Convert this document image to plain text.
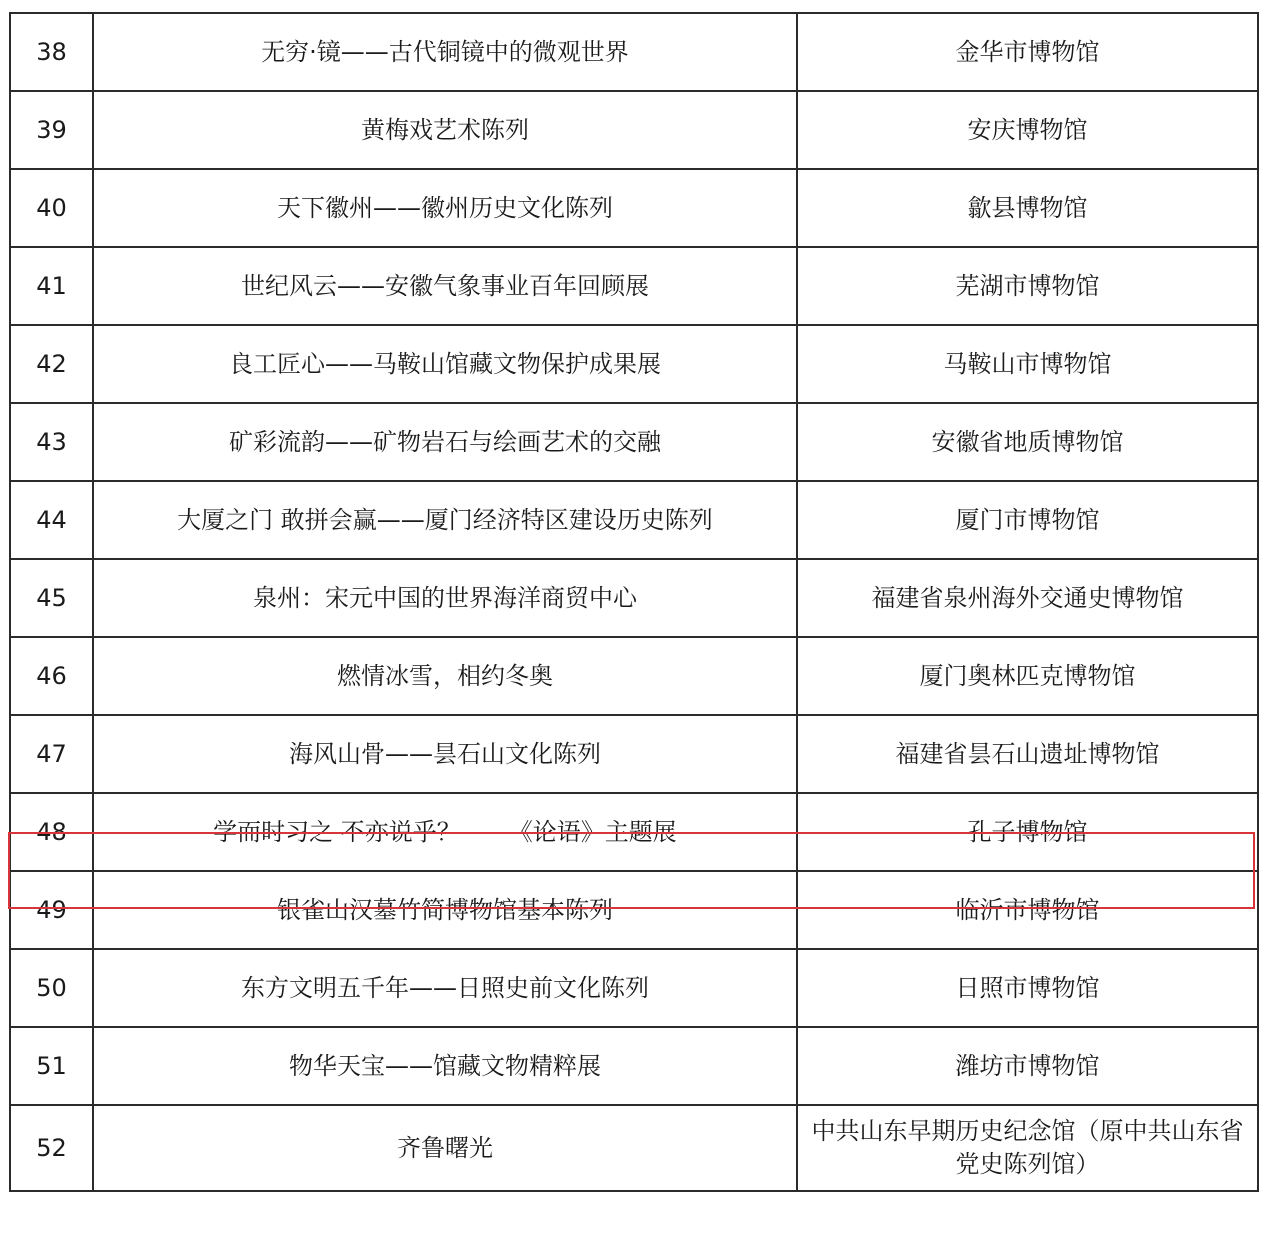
38	无穷·镜——古代铜镜中的微观世界	金华市博物馆
39	黄梅戏艺术陈列	安庆博物馆
40	天下徽州——徽州历史文化陈列	歙县博物馆
41	世纪风云——安徽气象事业百年回顾展	芜湖市博物馆
42	良工匠心——马鞍山馆藏文物保护成果展	马鞍山市博物馆
43	矿彩流韵——矿物岩石与绘画艺术的交融	安徽省地质博物馆
44	大厦之门 敢拼会赢——厦门经济特区建设历史陈列	厦门市博物馆
45	泉州：宋元中国的世界海洋商贸中心	福建省泉州海外交通史博物馆
46	燃情冰雪，相约冬奥	厦门奥林匹克博物馆
47	海风山骨——昙石山文化陈列	福建省昙石山遗址博物馆
48	学而时习之 不亦说乎？——《论语》主题展	孔子博物馆
49	银雀山汉墓竹简博物馆基本陈列	临沂市博物馆
50	东方文明五千年——日照史前文化陈列	日照市博物馆
51	物华天宝——馆藏文物精粹展	潍坊市博物馆
52	齐鲁曙光	中共山东早期历史纪念馆（原中共山东省党史陈列馆）
